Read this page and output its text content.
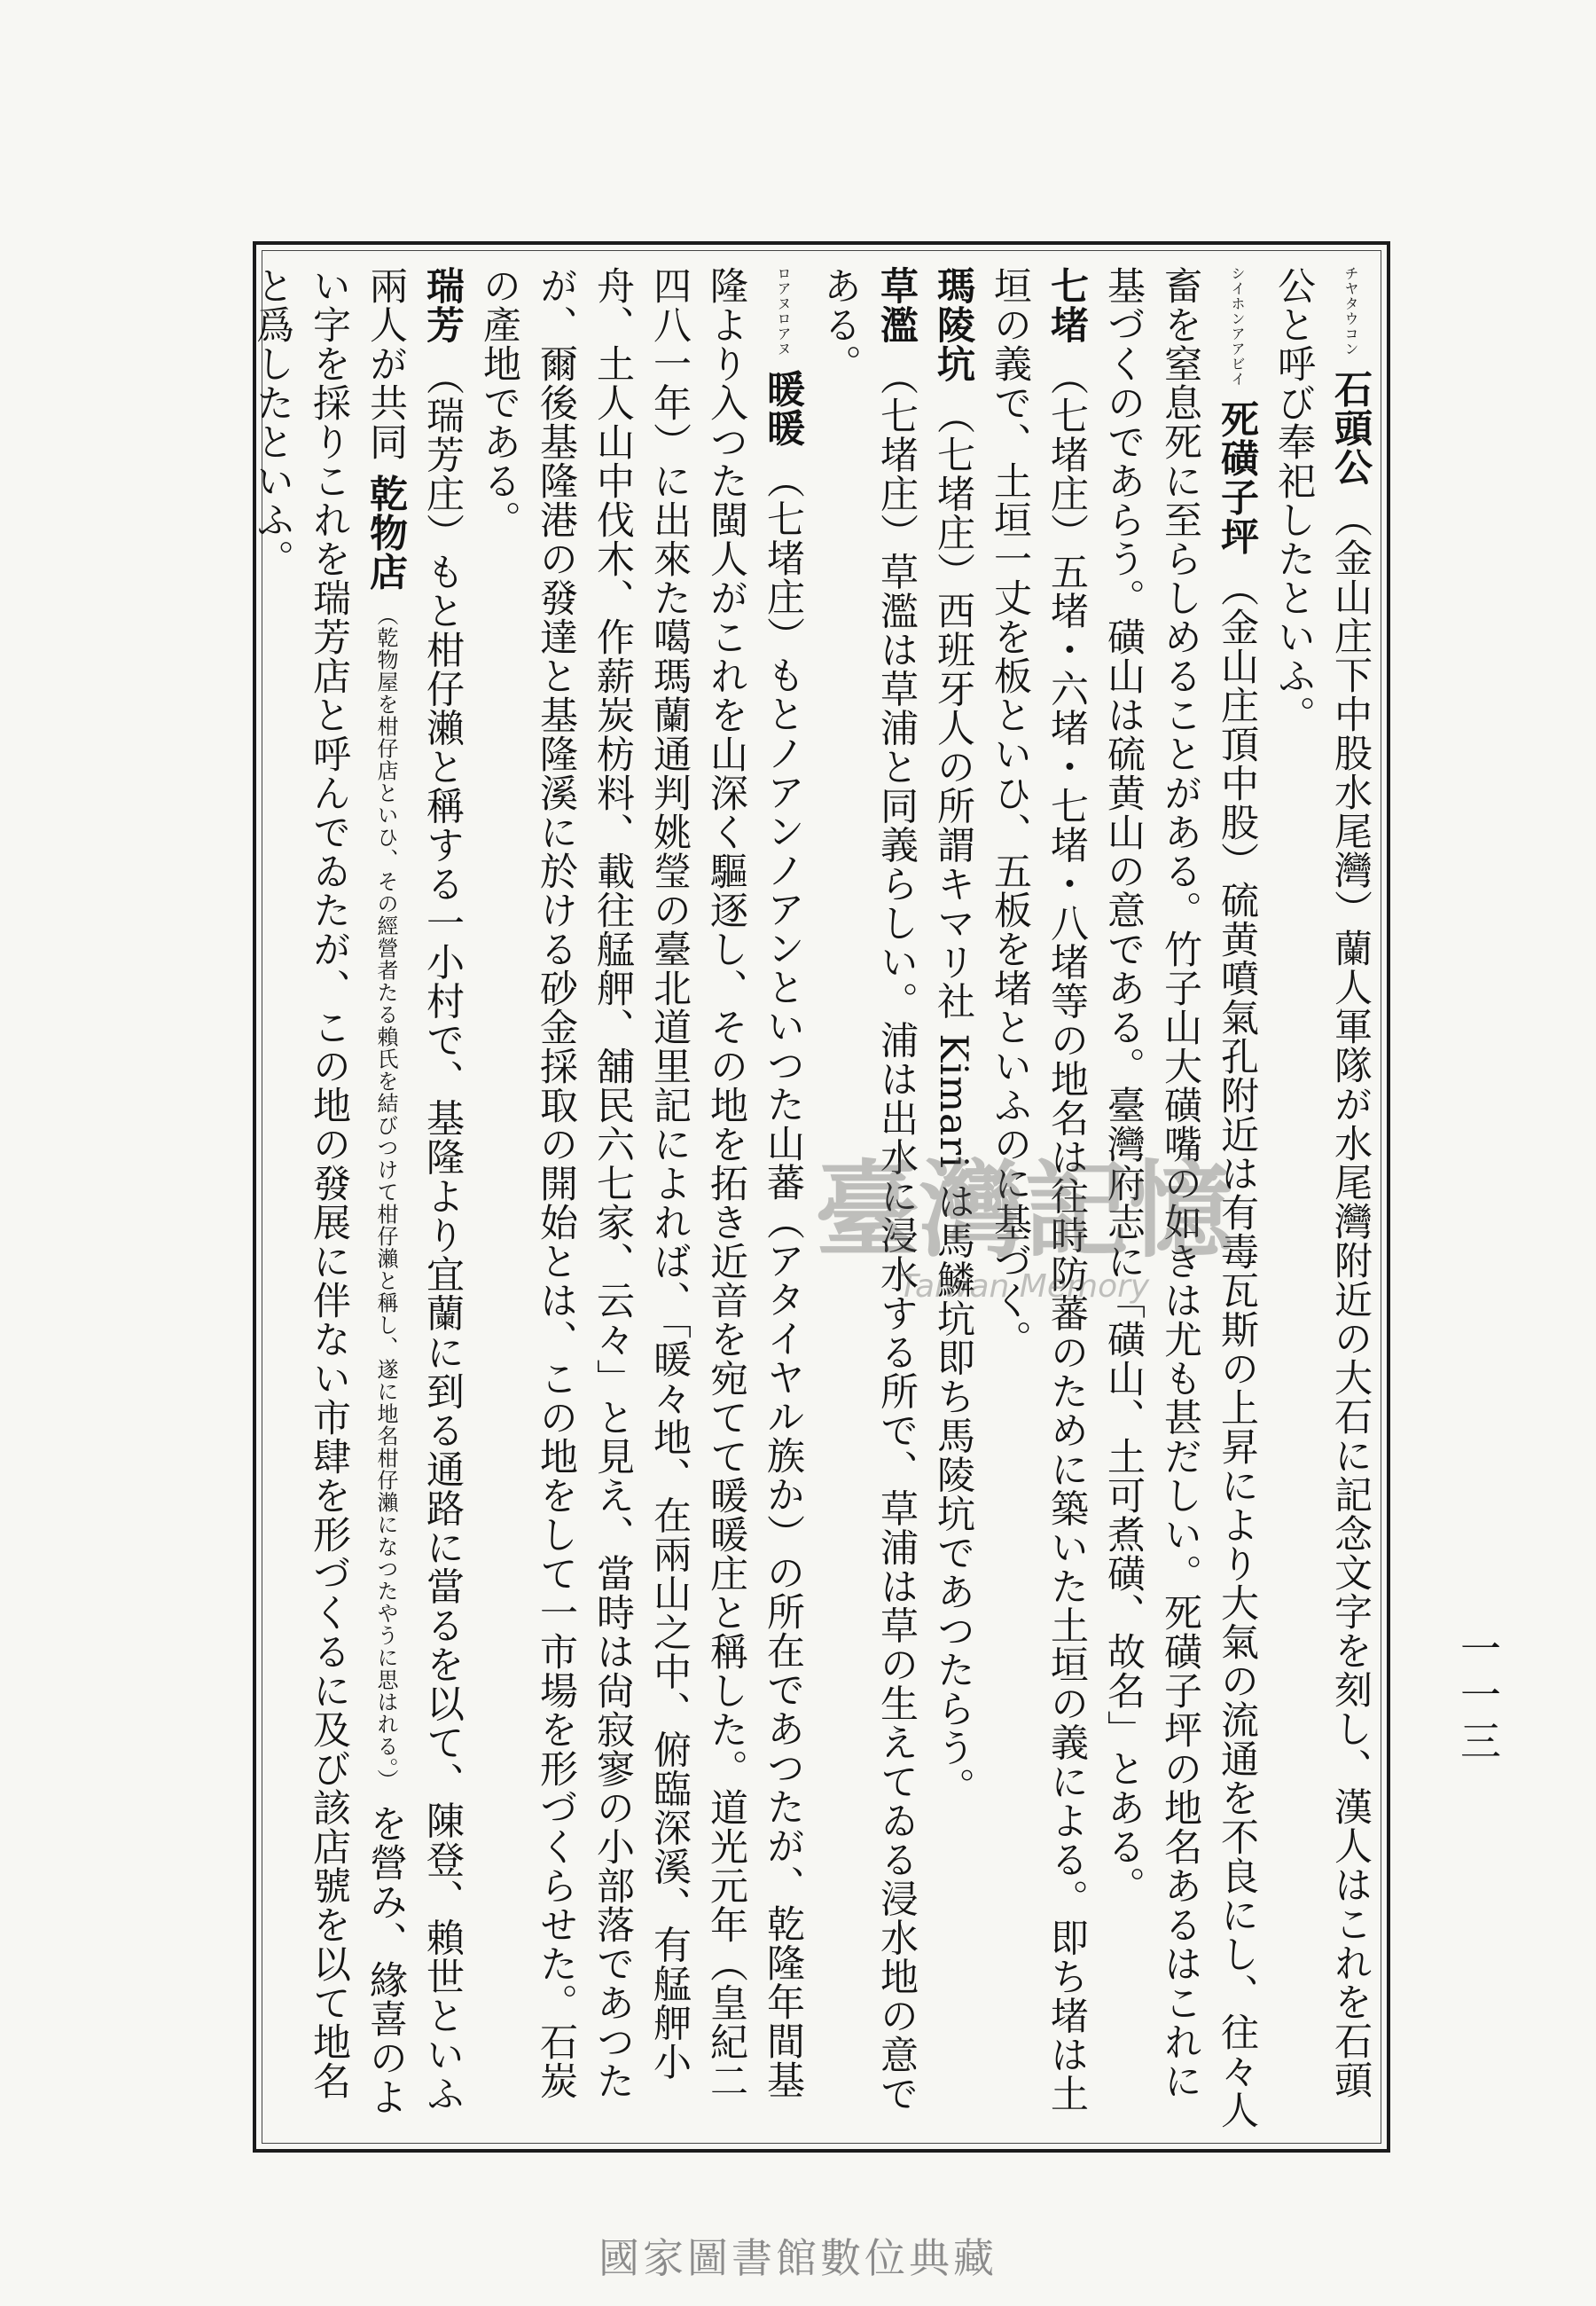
チヤタウコン 石頭公 （金山庄下中股水尾灣）蘭人軍隊が水尾灣附近の大石に記念文字を刻し、漢人はこれを石頭公と呼び奉祀したといふ。

シイホンアアビイ 死磺子坪 （金山庄頂中股）硫黄噴氣孔附近は有毒瓦斯の上昇により大氣の流通を不良にし、往々人畜を窒息死に至らしめることがある。竹子山大磺嘴の如きは尤も甚だしい。死磺子坪の地名あるはこれに基づくのであらう。磺山は硫黄山の意である。臺灣府志に「磺山、土可煮磺、故名」とある。

七堵 （七堵庄）五堵・六堵・七堵・八堵等の地名は往時防蕃のために築いた土垣の義による。即ち堵は土垣の義で、土垣一丈を板といひ、五板を堵といふのに基づく。

瑪陵坑 （七堵庄）西班牙人の所謂キマリ社 Kimari は馬鱗坑即ち馬陵坑であつたらう。

草濫 （七堵庄）草濫は草浦と同義らしい。浦は出水に浸水する所で、草浦は草の生えてゐる浸水地の意である。

ロアヌロアヌ 暖暖 （七堵庄）もとノアンノアンといつた山蕃（アタイヤル族か）の所在であつたが、乾隆年間基隆より入つた閩人がこれを山深く驅逐し、その地を拓き近音を宛てて暖暖庄と稱した。道光元年（皇紀二四八一年）に出來た噶瑪蘭通判姚瑩の臺北道里記によれば、「暖々地、在兩山之中、俯臨深溪、有艋舺小舟、土人山中伐木、作薪炭枋料、載往艋舺、舖民六七家、云々」と見え、當時は尙寂寥の小部落であつたが、爾後基隆港の發達と基隆溪に於ける砂金採取の開始とは、この地をして一市場を形づくらせた。石炭の產地である。

瑞芳 （瑞芳庄）もと柑仔瀨と稱する一小村で、基隆より宜蘭に到る通路に當るを以て、陳登、賴世といふ兩人が共同 乾物店 （乾物屋を柑仔店といひ、その經營者たる賴氏を結びつけて柑仔瀨と稱し、遂に地名柑仔瀨になつたやうに思はれる。） を營み、緣喜のよい字を採りこれを瑞芳店と呼んでゐたが、この地の發展に伴ない市肆を形づくるに及び該店號を以て地名と爲したといふ。

一一三
臺灣記憶
Taiwan Memory
國家圖書館數位典藏
